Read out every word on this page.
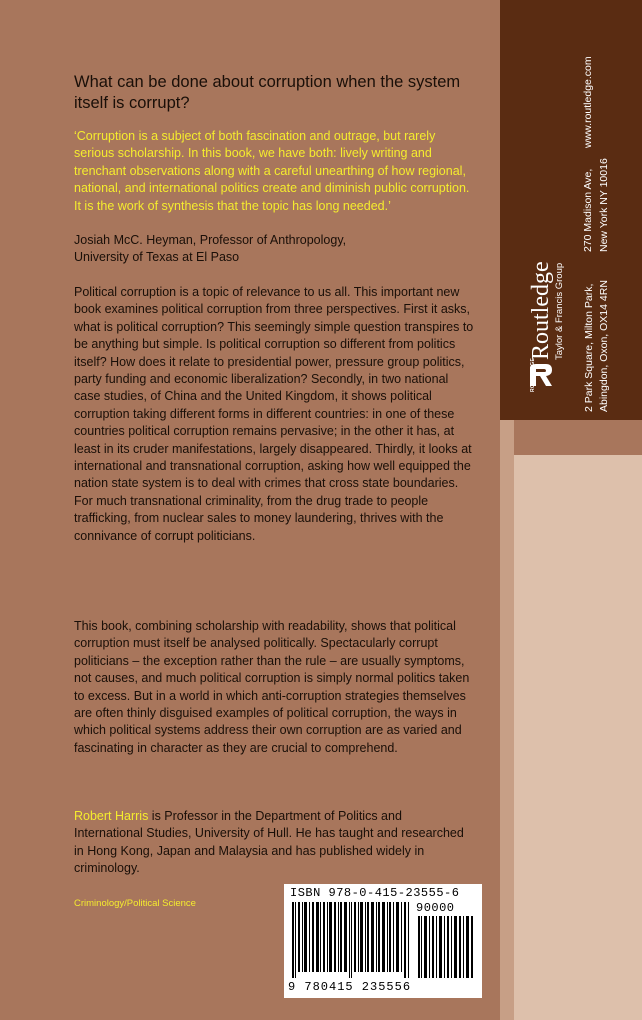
What can be done about corruption when the system itself is corrupt?

‘Corruption is a subject of both fascination and outrage, but rarely serious scholarship. In this book, we have both: lively writing and trenchant observations along with a careful unearthing of how regional, national, and international politics create and diminish public corruption. It is the work of synthesis that the topic has long needed.’

Josiah McC. Heyman, Professor of Anthropology,
University of Texas at El Paso

Political corruption is a topic of relevance to us all. This important new book examines political corruption from three perspectives. First it asks, what is political corruption? This seemingly simple question transpires to be anything but simple. Is political corruption so different from politics itself? How does it relate to presidential power, pressure group politics, party funding and economic liberalization? Secondly, in two national case studies, of China and the United Kingdom, it shows political corruption taking different forms in different countries: in one of these countries political corruption remains pervasive; in the other it has, at least in its cruder manifestations, largely disappeared. Thirdly, it looks at international and transnational corruption, asking how well equipped the nation state system is to deal with crimes that cross state boundaries. For much transnational criminality, from the drug trade to people trafficking, from nuclear sales to money laundering, thrives with the connivance of corrupt politicians.

This book, combining scholarship with readability, shows that political corruption must itself be analysed politically. Spectacularly corrupt politicians – the exception rather than the rule – are usually symptoms, not causes, and much political corruption is simply normal politics taken to excess. But in a world in which anti-corruption strategies themselves are often thinly disguised examples of political corruption, the ways in which political systems address their own corruption are as varied and fascinating in character as they are crucial to comprehend.

Robert Harris is Professor in the Department of Politics and International Studies, University of Hull. He has taught and researched in Hong Kong, Japan and Malaysia and has published widely in criminology.

Criminology/Political Science

ISBN 978-0-415-23555-6
90000
9 780415 235556
ROUTLEDGE
Routledge Taylor & Francis Group 2 Park Square, Milton Park, Abingdon, Oxon, OX14 4RN
270 Madison Ave, New York NY 10016
www.routledge.com
